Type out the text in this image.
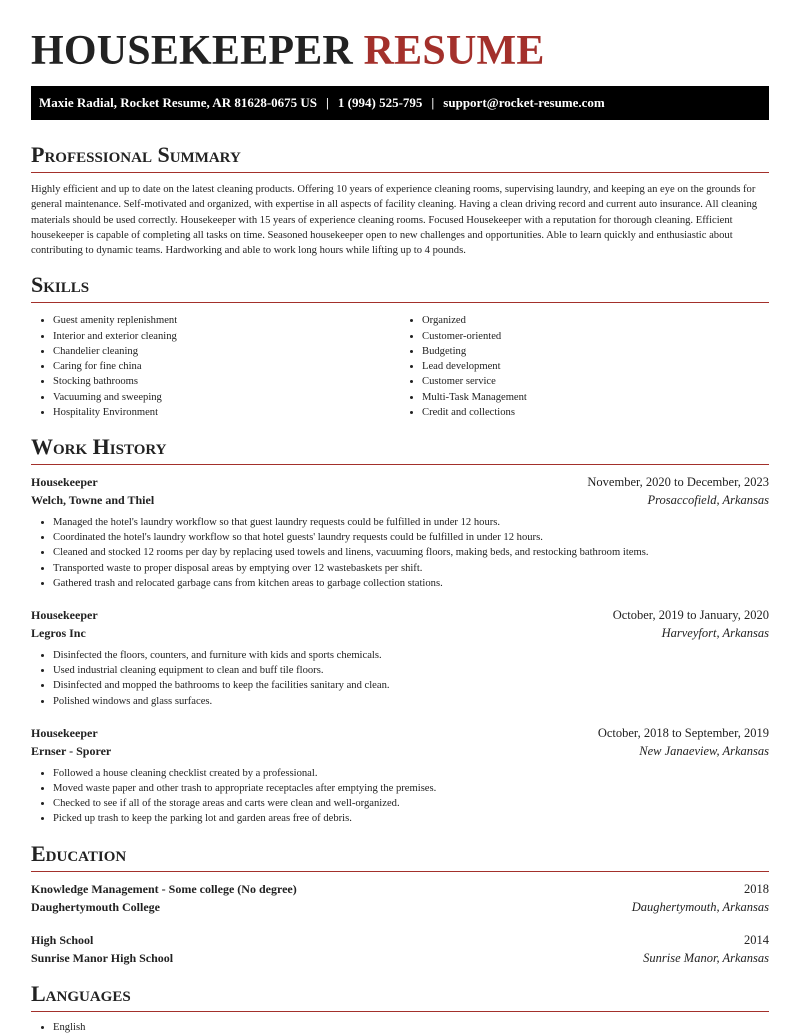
HOUSEKEEPER RESUME
Maxie Radial, Rocket Resume, AR 81628-0675 US | 1 (994) 525-795 | support@rocket-resume.com
Professional Summary

Highly efficient and up to date on the latest cleaning products. Offering 10 years of experience cleaning rooms, supervising laundry, and keeping an eye on the grounds for general maintenance. Self-motivated and organized, with expertise in all aspects of facility cleaning. Having a clean driving record and current auto insurance. All cleaning materials should be used correctly. Housekeeper with 15 years of experience cleaning rooms. Focused Housekeeper with a reputation for thorough cleaning. Efficient housekeeper is capable of completing all tasks on time. Seasoned housekeeper open to new challenges and opportunities. Able to learn quickly and enthusiastic about contributing to dynamic teams. Hardworking and able to work long hours while lifting up to 4 pounds.

Skills
• Guest amenity replenishment
• Interior and exterior cleaning
• Chandelier cleaning
• Caring for fine china
• Stocking bathrooms
• Vacuuming and sweeping
• Hospitality Environment
• Organized
• Customer-oriented
• Budgeting
• Lead development
• Customer service
• Multi-Task Management
• Credit and collections
Work History
Housekeeper	November, 2020 to December, 2023
Welch, Towne and Thiel	Prosaccofield, Arkansas
• Managed the hotel's laundry workflow so that guest laundry requests could be fulfilled in under 12 hours.
• Coordinated the hotel's laundry workflow so that hotel guests' laundry requests could be fulfilled in under 12 hours.
• Cleaned and stocked 12 rooms per day by replacing used towels and linens, vacuuming floors, making beds, and restocking bathroom items.
• Transported waste to proper disposal areas by emptying over 12 wastebaskets per shift.
• Gathered trash and relocated garbage cans from kitchen areas to garbage collection stations.
Housekeeper	October, 2019 to January, 2020
Legros Inc	Harveyfort, Arkansas
• Disinfected the floors, counters, and furniture with kids and sports chemicals.
• Used industrial cleaning equipment to clean and buff tile floors.
• Disinfected and mopped the bathrooms to keep the facilities sanitary and clean.
• Polished windows and glass surfaces.
Housekeeper	October, 2018 to September, 2019
Ernser - Sporer	New Janaeview, Arkansas
• Followed a house cleaning checklist created by a professional.
• Moved waste paper and other trash to appropriate receptacles after emptying the premises.
• Checked to see if all of the storage areas and carts were clean and well-organized.
• Picked up trash to keep the parking lot and garden areas free of debris.
Education
Knowledge Management - Some college (No degree)	2018
Daughertymouth College	Daughertymouth, Arkansas
High School	2014
Sunrise Manor High School	Sunrise Manor, Arkansas
Languages
• English
